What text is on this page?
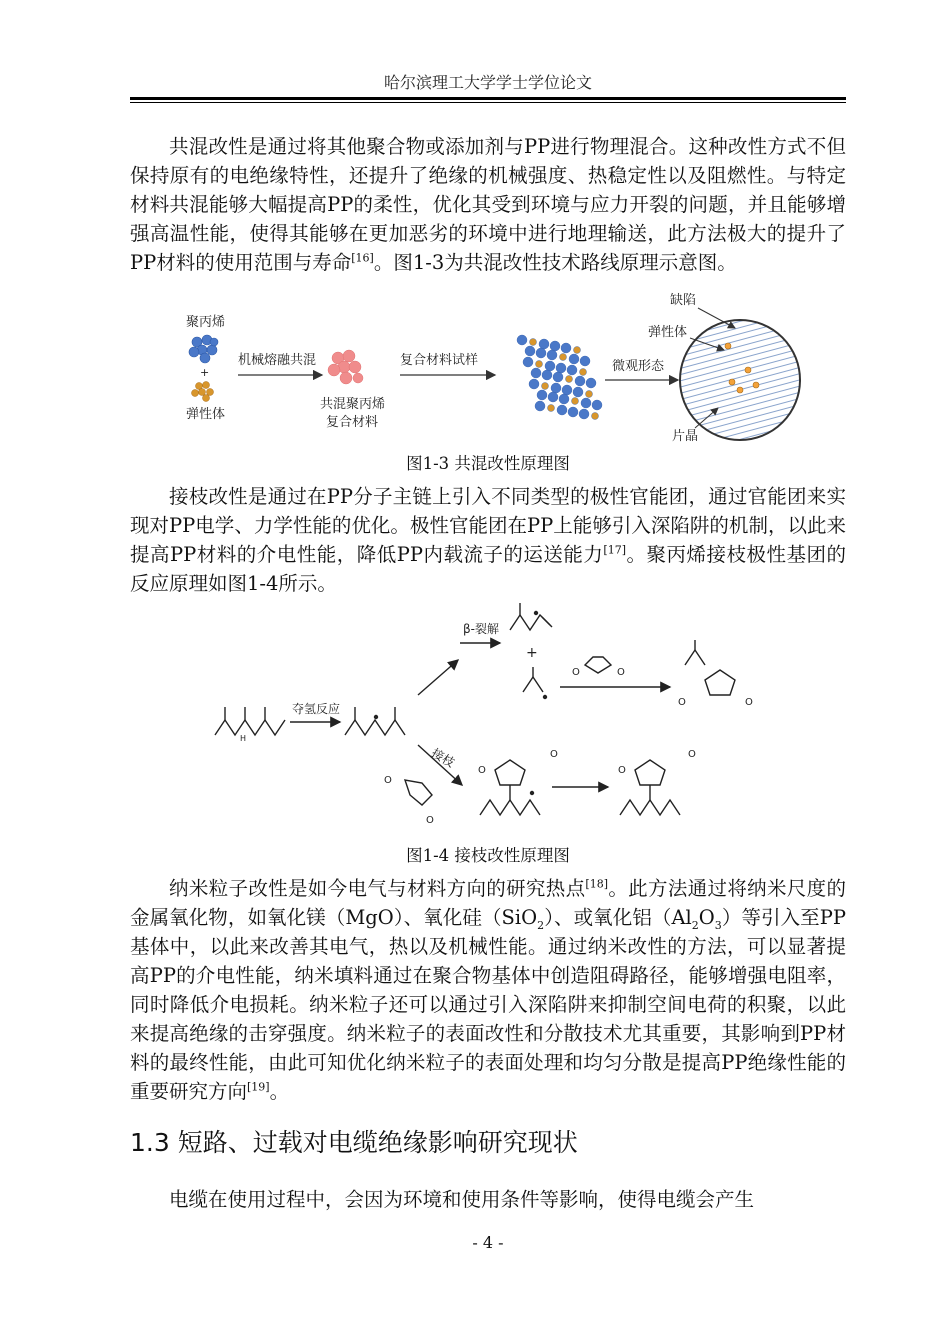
哈尔滨理工大学学士学位论文

共混改性是通过将其他聚合物或添加剂与PP进行物理混合。这种改性方式不但保持原有的电绝缘特性，还提升了绝缘的机械强度、热稳定性以及阻燃性。与特定材料共混能够大幅提高PP的柔性，优化其受到环境与应力开裂的问题，并且能够增强高温性能，使得其能够在更加恶劣的环境中进行地理输送，此方法极大的提升了PP材料的使用范围与寿命[16]。图1-3为共混改性技术路线原理示意图。

聚丙烯
+
弹性体
机械熔融共混
共混聚丙烯
复合材料
复合材料试样	微观形态
缺陷
弹性体
片晶
图1-3 共混改性原理图

接枝改性是通过在PP分子主链上引入不同类型的极性官能团，通过官能团来实现对PP电学、力学性能的优化。极性官能团在PP上能够引入深陷阱的机制，以此来提高PP材料的介电性能，降低PP内载流子的运送能力[17]。聚丙烯接枝极性基团的反应原理如图1-4所示。

H
夺氢反应
β-裂解
+
O	O
O	O
接枝
O
O
O
O
O
O
图1-4 接枝改性原理图

纳米粒子改性是如今电气与材料方向的研究热点[18]。此方法通过将纳米尺度的金属氧化物，如氧化镁（MgO）、氧化硅（SiO$_2$）、或氧化铝$(Al_2O_3)$等引入至PP基体中，以此来改善其电气，热以及机械性能。通过纳米改性的方法，可以显著提高PP的介电性能，纳米填料通过在聚合物基体中创造阻碍路径，能够增强电阻率，同时降低介电损耗。纳米粒子还可以通过引入深陷阱来抑制空间电荷的积聚，以此来提高绝缘的击穿强度。纳米粒子的表面改性和分散技术尤其重要，其影响到PP材料的最终性能，由此可知优化纳米粒子的表面处理和均匀分散是提高PP绝缘性能的重要研究方向[19]。

1.3 短路、过载对电缆绝缘影响研究现状

电缆在使用过程中，会因为环境和使用条件等影响，使得电缆会产生

- 4 -
